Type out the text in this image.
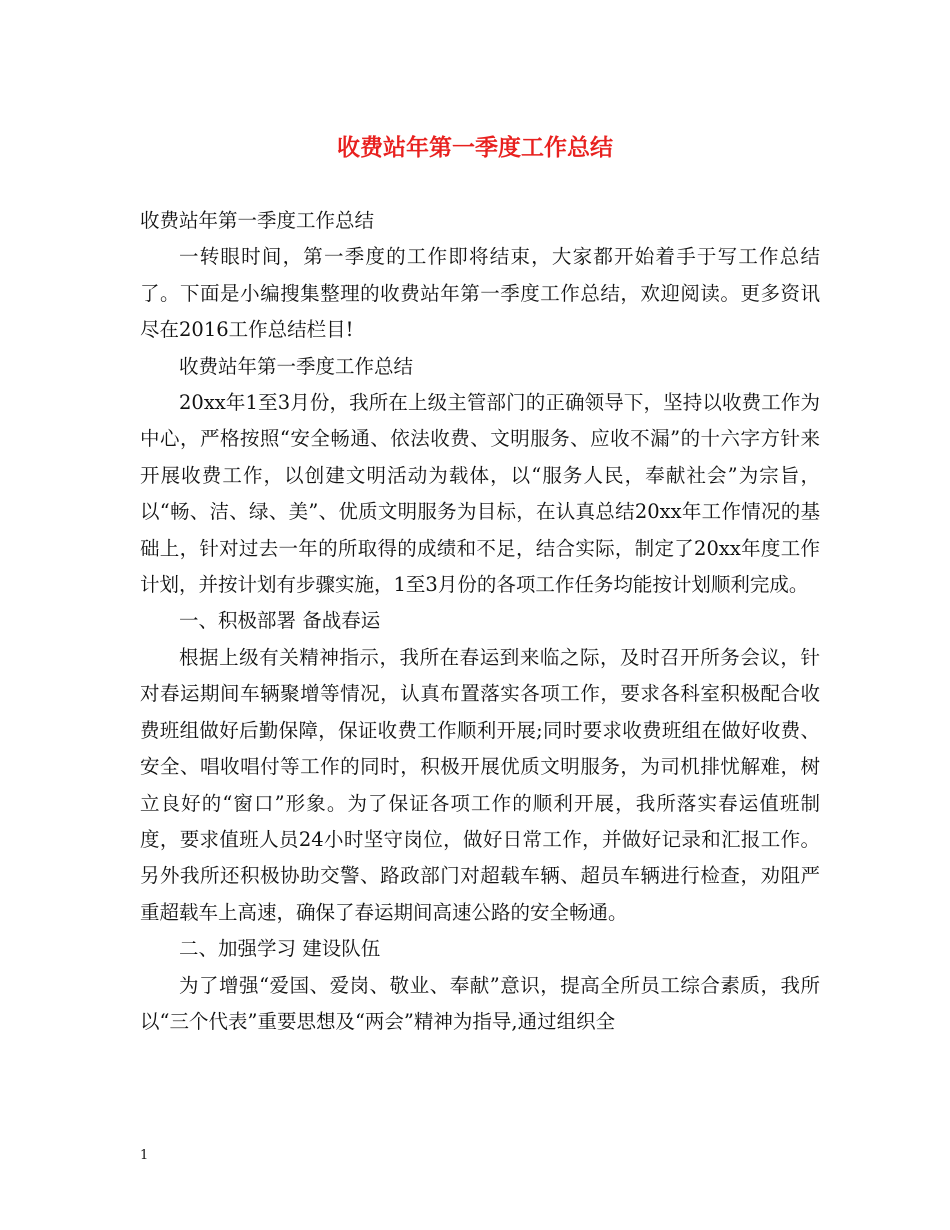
收费站年第一季度工作总结

收费站年第一季度工作总结

一转眼时间，第一季度的工作即将结束，大家都开始着手于写工作总结了。下面是小编搜集整理的收费站年第一季度工作总结，欢迎阅读。更多资讯尽在2016工作总结栏目!

收费站年第一季度工作总结

20xx年1至3月份，我所在上级主管部门的正确领导下，坚持以收费工作为中心，严格按照“安全畅通、依法收费、文明服务、应收不漏”的十六字方针来开展收费工作，以创建文明活动为载体，以“服务人民，奉献社会”为宗旨，以“畅、洁、绿、美”、优质文明服务为目标，在认真总结20xx年工作情况的基础上，针对过去一年的所取得的成绩和不足，结合实际，制定了20xx年度工作计划，并按计划有步骤实施，1至3月份的各项工作任务均能按计划顺利完成。

一、积极部署 备战春运

根据上级有关精神指示，我所在春运到来临之际，及时召开所务会议，针对春运期间车辆聚增等情况，认真布置落实各项工作，要求各科室积极配合收费班组做好后勤保障，保证收费工作顺利开展;同时要求收费班组在做好收费、安全、唱收唱付等工作的同时，积极开展优质文明服务，为司机排忧解难，树立良好的“窗口”形象。为了保证各项工作的顺利开展，我所落实春运值班制度，要求值班人员24小时坚守岗位，做好日常工作，并做好记录和汇报工作。另外我所还积极协助交警、路政部门对超载车辆、超员车辆进行检查，劝阻严重超载车上高速，确保了春运期间高速公路的安全畅通。

二、加强学习 建设队伍

为了增强“爱国、爱岗、敬业、奉献”意识，提高全所员工综合素质，我所以“三个代表”重要思想及“两会”精神为指导,通过组织全

1
